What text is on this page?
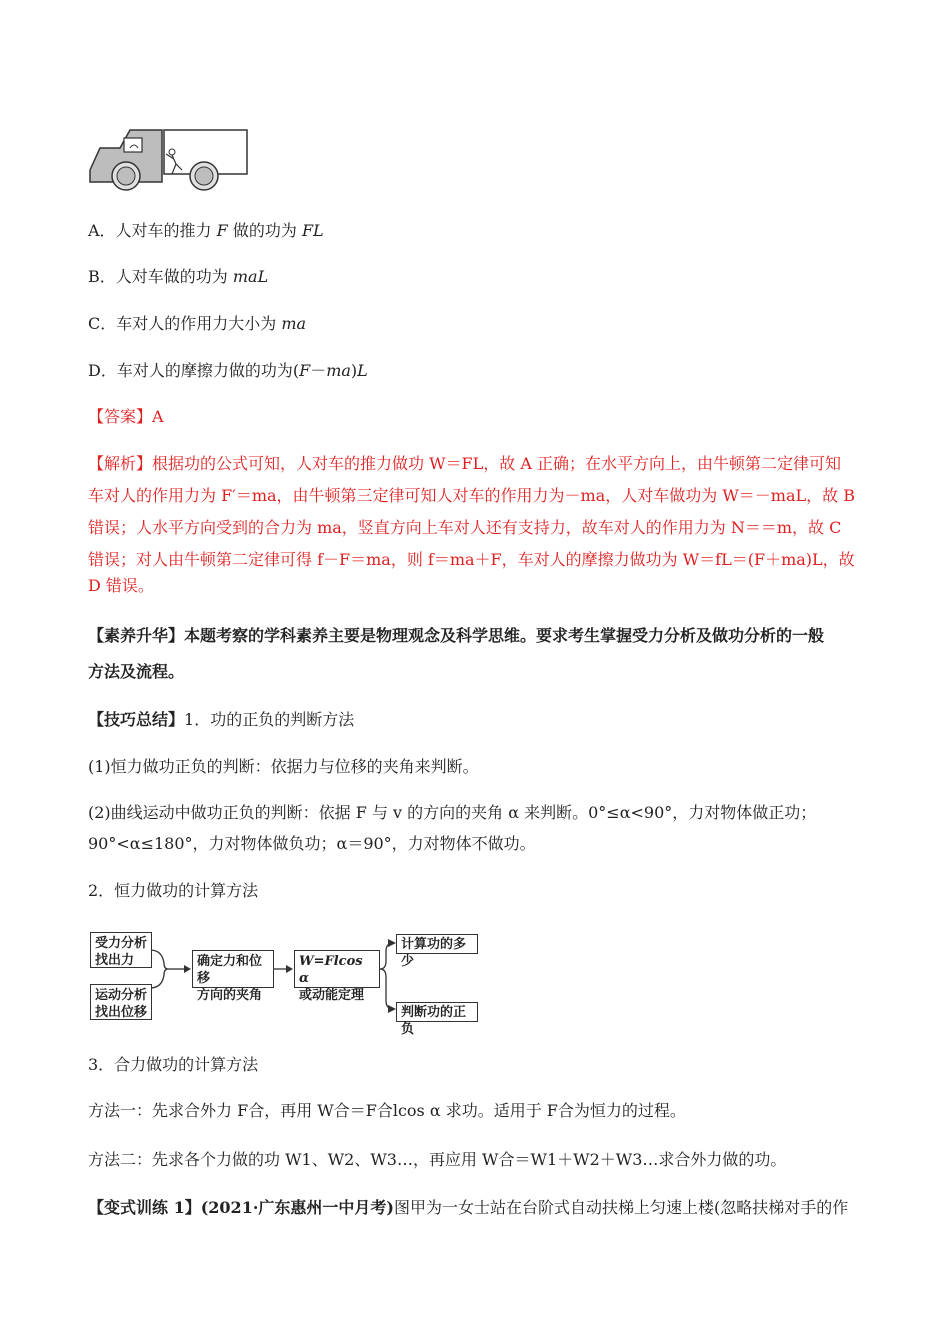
A．人对车的推力 F 做的功为 FL
B．人对车做的功为 maL
C．车对人的作用力大小为 ma
D．车对人的摩擦力做的功为(F－ma)L
【答案】A
【解析】根据功的公式可知，人对车的推力做功 W＝FL，故 A 正确；在水平方向上，由牛顿第二定律可知
车对人的作用力为 F′＝ma，由牛顿第三定律可知人对车的作用力为－ma，人对车做功为 W＝－maL，故 B
错误；人水平方向受到的合力为 ma，竖直方向上车对人还有支持力，故车对人的作用力为 N＝＝m，故 C
错误；对人由牛顿第二定律可得 f－F＝ma，则 f＝ma＋F，车对人的摩擦力做功为 W＝fL＝(F＋ma)L，故
D 错误。
【素养升华】本题考察的学科素养主要是物理观念及科学思维。要求考生掌握受力分析及做功分析的一般
方法及流程。
【技巧总结】1．功的正负的判断方法
(1)恒力做功正负的判断：依据力与位移的夹角来判断。
(2)曲线运动中做功正负的判断：依据 F 与 v 的方向的夹角 α 来判断。0°≤α<90°，力对物体做正功；
90°<α≤180°，力对物体做负功；α＝90°，力对物体不做功。
2．恒力做功的计算方法
受力分析
找出力
运动分析
找出位移
确定力和位移
方向的夹角
W=Flcos α
或动能定理
计算功的多少
判断功的正负
3．合力做功的计算方法
方法一：先求合外力 F合，再用 W合＝F合lcos α 求功。适用于 F合为恒力的过程。
方法二：先求各个力做的功 W1、W2、W3…，再应用 W合＝W1＋W2＋W3…求合外力做的功。
【变式训练 1】(2021·广东惠州一中月考)图甲为一女士站在台阶式自动扶梯上匀速上楼(忽略扶梯对手的作
